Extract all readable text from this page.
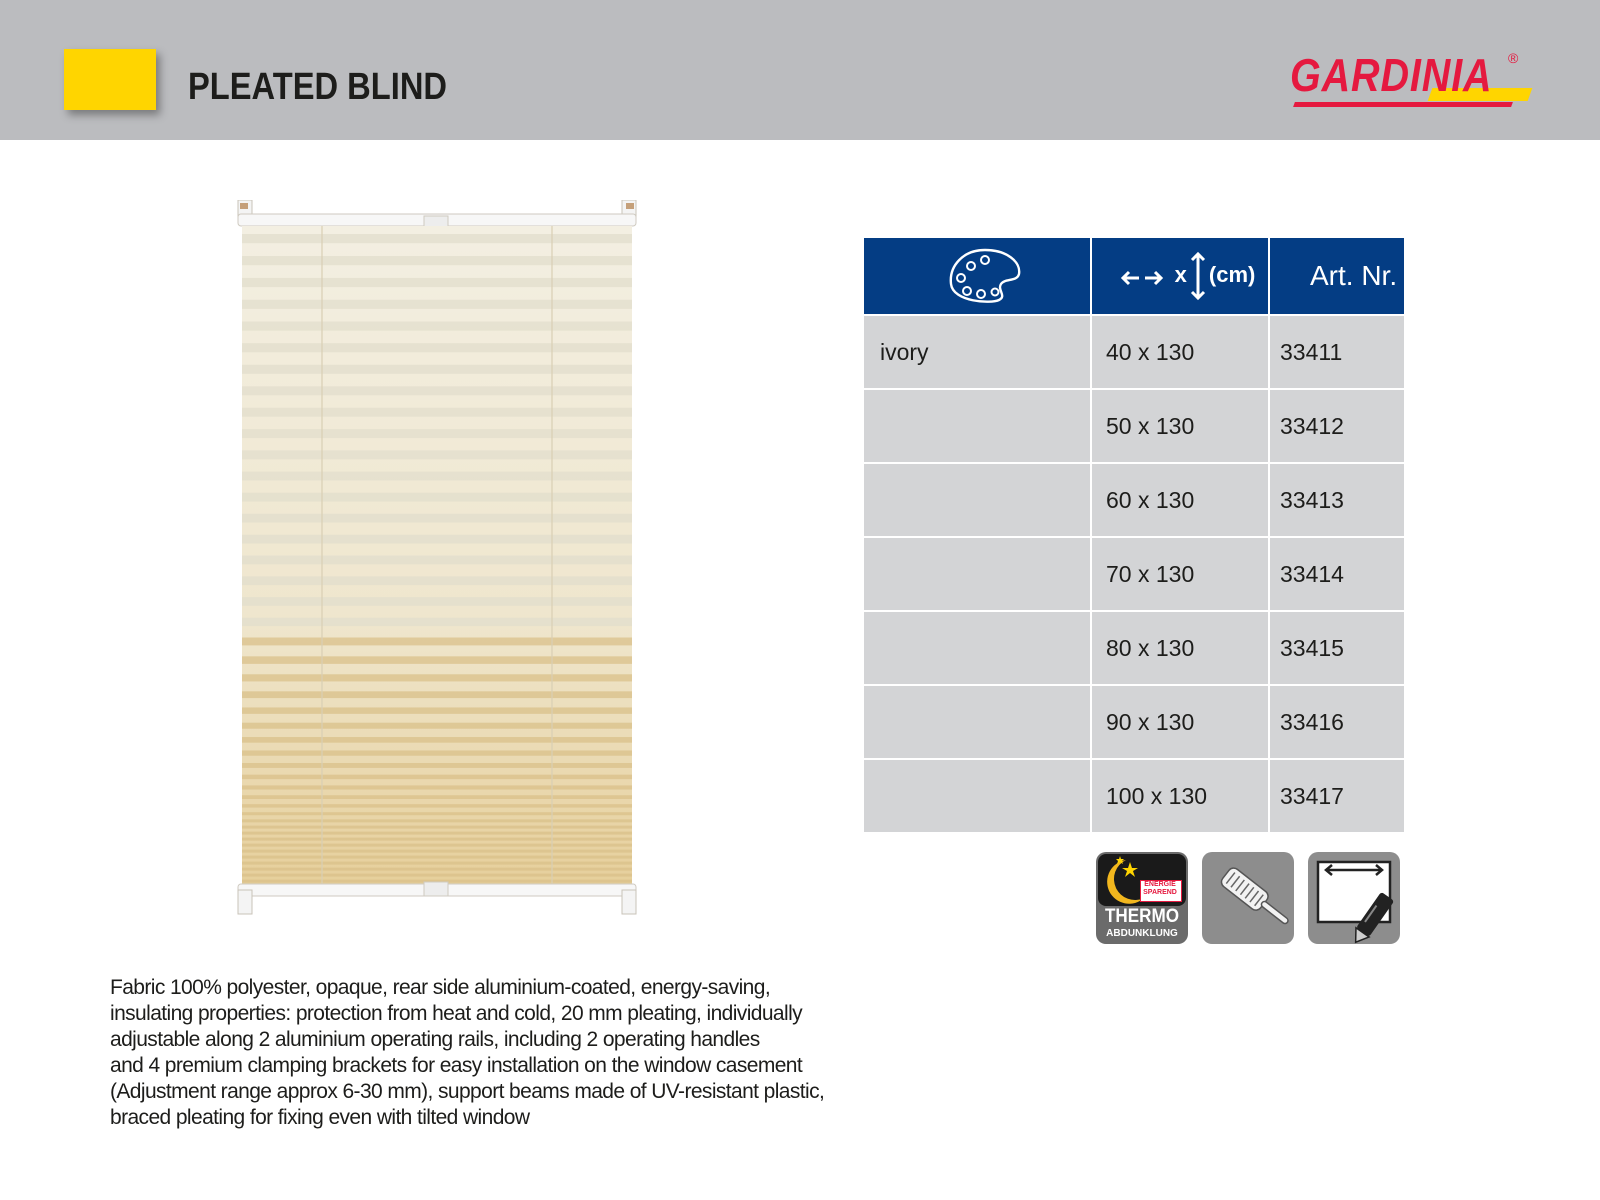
PLEATED BLIND	GARDINIA ®
	x (cm)	Art. Nr.
ivory	40 x 130	33411
	50 x 130	33412
	60 x 130	33413
	70 x 130	33414
	80 x 130	33415
	90 x 130	33416
	100 x 130	33417
ENERGIE
SPAREND
THERMO
ABDUNKLUNG

Fabric 100% polyester, opaque, rear side aluminium-coated, energy-saving,

insulating properties: protection from heat and cold, 20 mm pleating, individually

adjustable along 2 aluminium operating rails, including 2 operating handles

and 4 premium clamping brackets for easy installation on the window casement

(Adjustment range approx 6-30 mm), support beams made of UV-resistant plastic,

braced pleating for fixing even with tilted window
